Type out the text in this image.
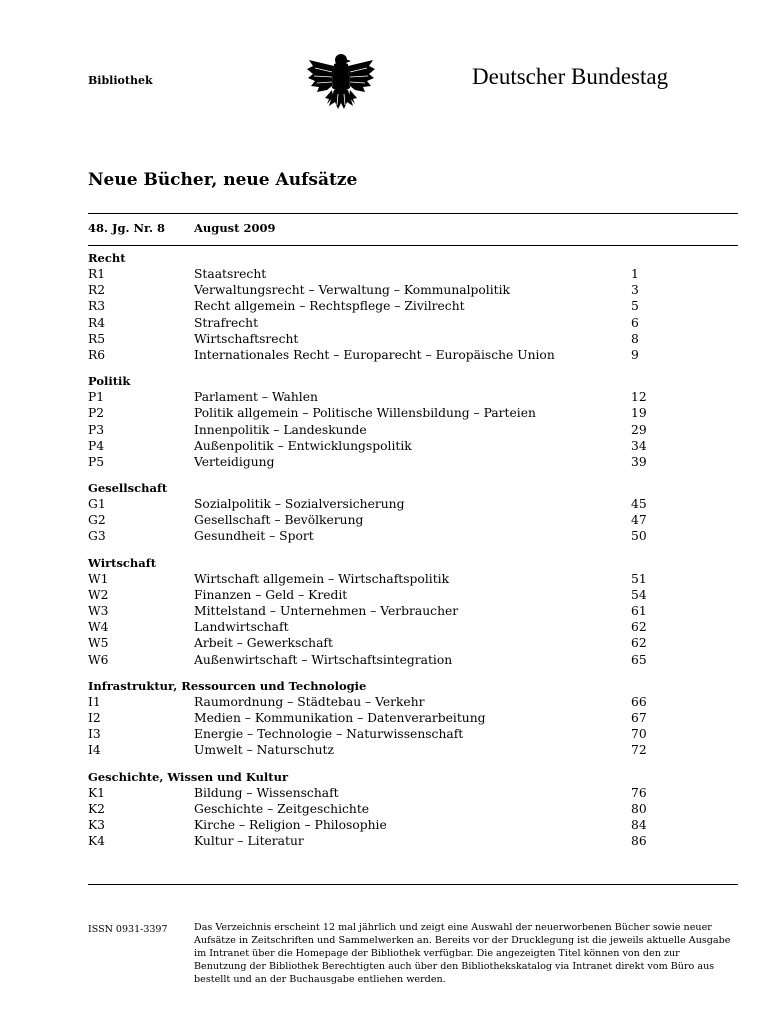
Bibliothek	Deutscher Bundestag
Neue Bücher, neue Aufsätze
48. Jg. Nr. 8	August 2009
Recht
R1	Staatsrecht	1
R2	Verwaltungsrecht – Verwaltung – Kommunalpolitik	3
R3	Recht allgemein – Rechtspflege – Zivilrecht	5
R4	Strafrecht	6
R5	Wirtschaftsrecht	8
R6	Internationales Recht – Europarecht – Europäische Union	9
Politik
P1	Parlament – Wahlen	12
P2	Politik allgemein – Politische Willensbildung – Parteien	19
P3	Innenpolitik – Landeskunde	29
P4	Außenpolitik – Entwicklungspolitik	34
P5	Verteidigung	39
Gesellschaft
G1	Sozialpolitik – Sozialversicherung	45
G2	Gesellschaft – Bevölkerung	47
G3	Gesundheit – Sport	50
Wirtschaft
W1	Wirtschaft allgemein – Wirtschaftspolitik	51
W2	Finanzen – Geld – Kredit	54
W3	Mittelstand – Unternehmen – Verbraucher	61
W4	Landwirtschaft	62
W5	Arbeit – Gewerkschaft	62
W6	Außenwirtschaft – Wirtschaftsintegration	65
Infrastruktur, Ressourcen und Technologie
I1	Raumordnung – Städtebau – Verkehr	66
I2	Medien – Kommunikation – Datenverarbeitung	67
I3	Energie – Technologie – Naturwissenschaft	70
I4	Umwelt – Naturschutz	72
Geschichte, Wissen und Kultur
K1	Bildung – Wissenschaft	76
K2	Geschichte – Zeitgeschichte	80
K3	Kirche – Religion – Philosophie	84
K4	Kultur – Literatur	86
ISSN 0931-3397	Das Verzeichnis erscheint 12 mal jährlich und zeigt eine Auswahl der neuerworbenen Bücher sowie neuer Aufsätze in Zeitschriften und Sammelwerken an. Bereits vor der Drucklegung ist die jeweils aktuelle Ausgabe im Intranet über die Homepage der Bibliothek verfügbar. Die angezeigten Titel können von den zur Benutzung der Bibliothek Berechtigten auch über den Bibliothekskatalog via Intranet direkt vom Büro aus bestellt und an der Buchausgabe entliehen werden.
